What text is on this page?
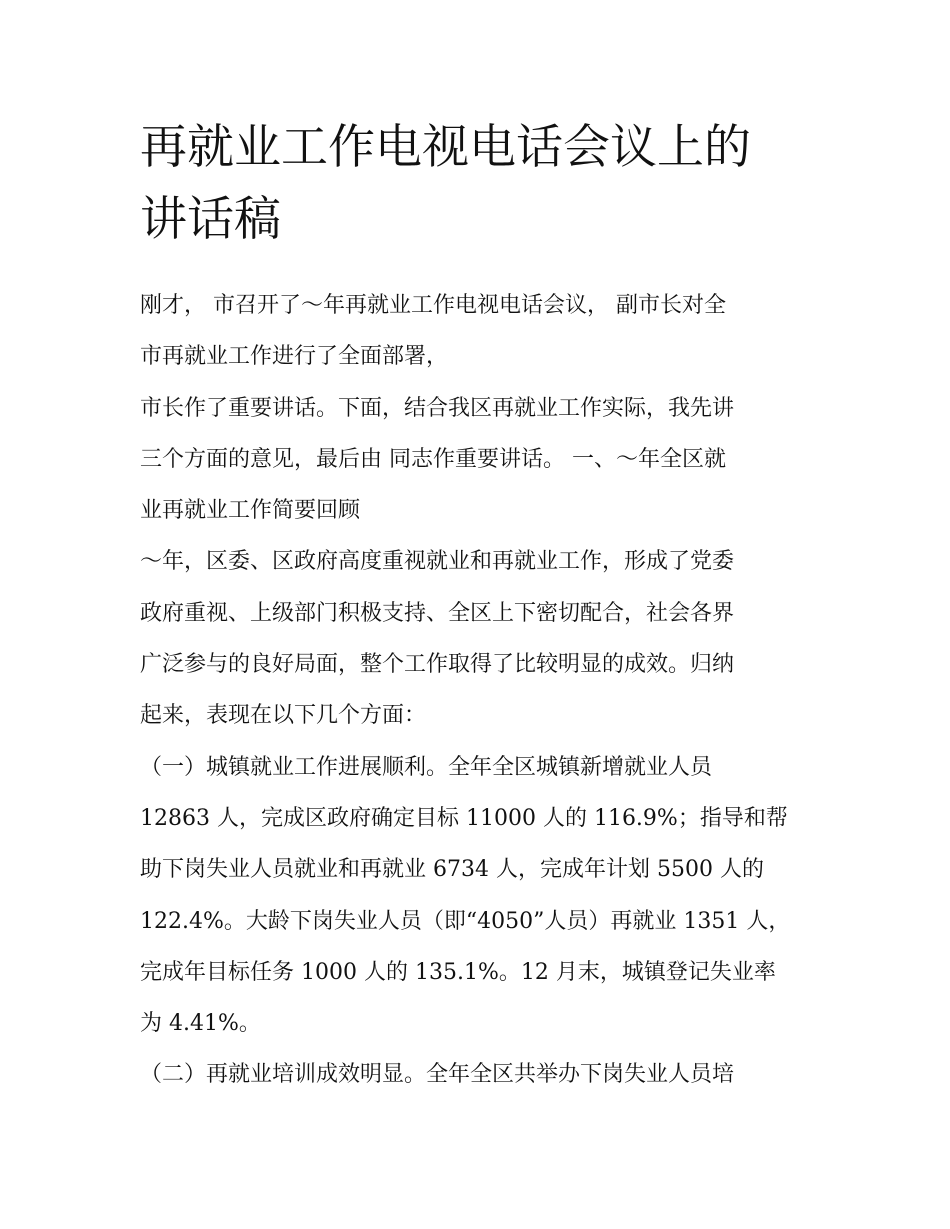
再就业工作电视电话会议上的
讲话稿
刚才， 市召开了～年再就业工作电视电话会议， 副市长对全
市再就业工作进行了全面部署，
市长作了重要讲话。下面，结合我区再就业工作实际，我先讲
三个方面的意见，最后由 同志作重要讲话。 一、～年全区就
业再就业工作简要回顾
～年，区委、区政府高度重视就业和再就业工作，形成了党委
政府重视、上级部门积极支持、全区上下密切配合，社会各界
广泛参与的良好局面，整个工作取得了比较明显的成效。归纳
起来，表现在以下几个方面：
（一）城镇就业工作进展顺利。全年全区城镇新增就业人员
12863 人，完成区政府确定目标 11000 人的 116.9%；指导和帮
助下岗失业人员就业和再就业 6734 人，完成年计划 5500 人的
122.4%。大龄下岗失业人员（即“4050”人员）再就业 1351 人，
完成年目标任务 1000 人的 135.1%。12 月末，城镇登记失业率
为 4.41%。
（二）再就业培训成效明显。全年全区共举办下岗失业人员培
